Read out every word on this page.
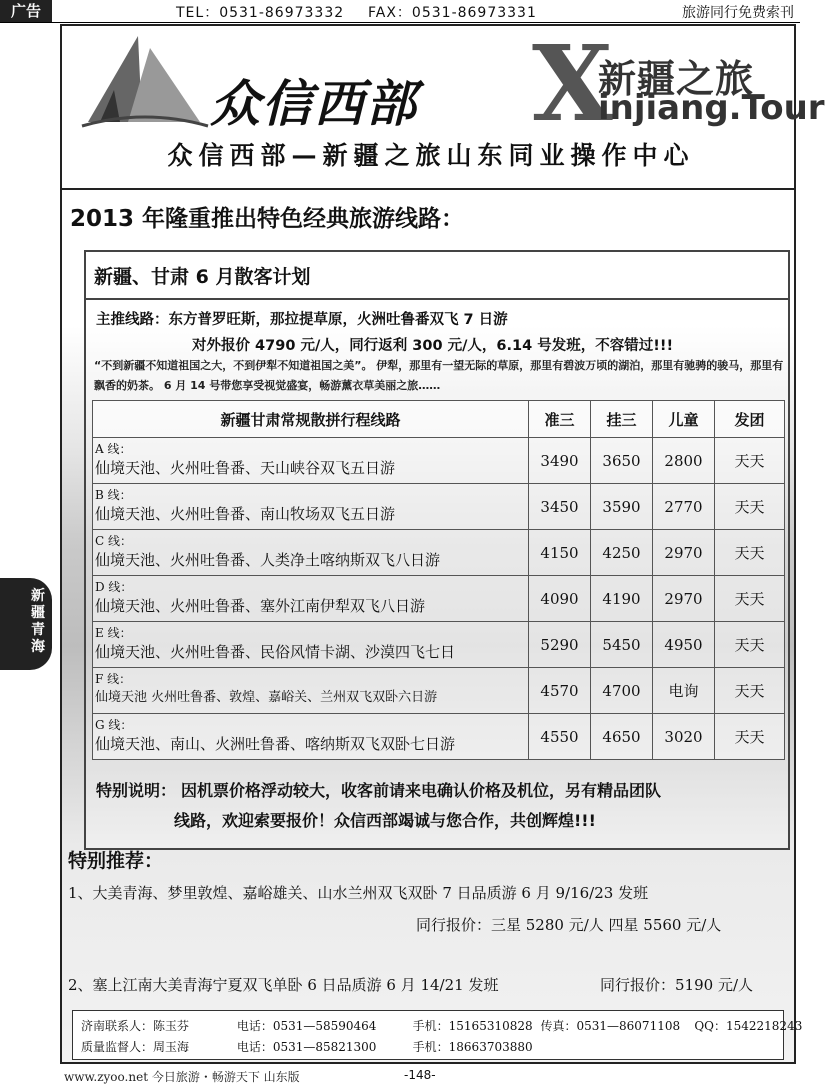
广告	TEL：0531-86973332 FAX：0531-86973331	旅游同行免费索刊
新疆青海
众信西部 X
新疆之旅
injiang.Tour
众信西部—新疆之旅山东同业操作中心
2013 年隆重推出特色经典旅游线路：
新疆、甘肃 6 月散客计划
主推线路：东方普罗旺斯，那拉提草原，火洲吐鲁番双飞 7 日游
对外报价 4790 元/人，同行返利 300 元/人，6.14 号发班，不容错过!!!
“不到新疆不知道祖国之大，不到伊犁不知道祖国之美”。 伊犁，那里有一望无际的草原，那里有碧波万顷的湖泊，那里有驰骋的骏马，那里有飘香的奶茶。 6 月 14 号带您享受视觉盛宴，畅游薰衣草美丽之旅……
新疆甘肃常规散拼行程线路	准三	挂三	儿童	发团

A 线：
仙境天池、火州吐鲁番、天山峡谷双飞五日游	3490	3650	2800	天天

B 线：
仙境天池、火州吐鲁番、南山牧场双飞五日游	3450	3590	2770	天天

C 线：
仙境天池、火州吐鲁番、人类净土喀纳斯双飞八日游	4150	4250	2970	天天

D 线：
仙境天池、火州吐鲁番、塞外江南伊犁双飞八日游	4090	4190	2970	天天

E 线：
仙境天池、火州吐鲁番、民俗风情卡湖、沙漠四飞七日	5290	5450	4950	天天

F 线：
仙境天池 火州吐鲁番、敦煌、嘉峪关、兰州双飞双卧六日游	4570	4700	电询	天天

G 线：
仙境天池、南山、火洲吐鲁番、喀纳斯双飞双卧七日游	4550	4650	3020	天天
特别说明： 因机票价格浮动较大，收客前请来电确认价格及机位，另有精品团队
线路，欢迎索要报价！众信西部竭诚与您合作，共创辉煌!!!
特别推荐：
1、大美青海、梦里敦煌、嘉峪雄关、山水兰州双飞双卧 7 日品质游 6 月 9/16/23 发班
同行报价：三星 5280 元/人 四星 5560 元/人
2、塞上江南大美青海宁夏双飞单卧 6 日品质游 6 月 14/21 发班	同行报价：5190 元/人
济南联系人：陈玉芬	电话：0531—58590464	手机：15165310828 传真：0531—86071108 QQ：1542218243
质量监督人：周玉海	电话：0531—85821300	手机：18663703880
www.zyoo.net 今日旅游・畅游天下 山东版	-148-
